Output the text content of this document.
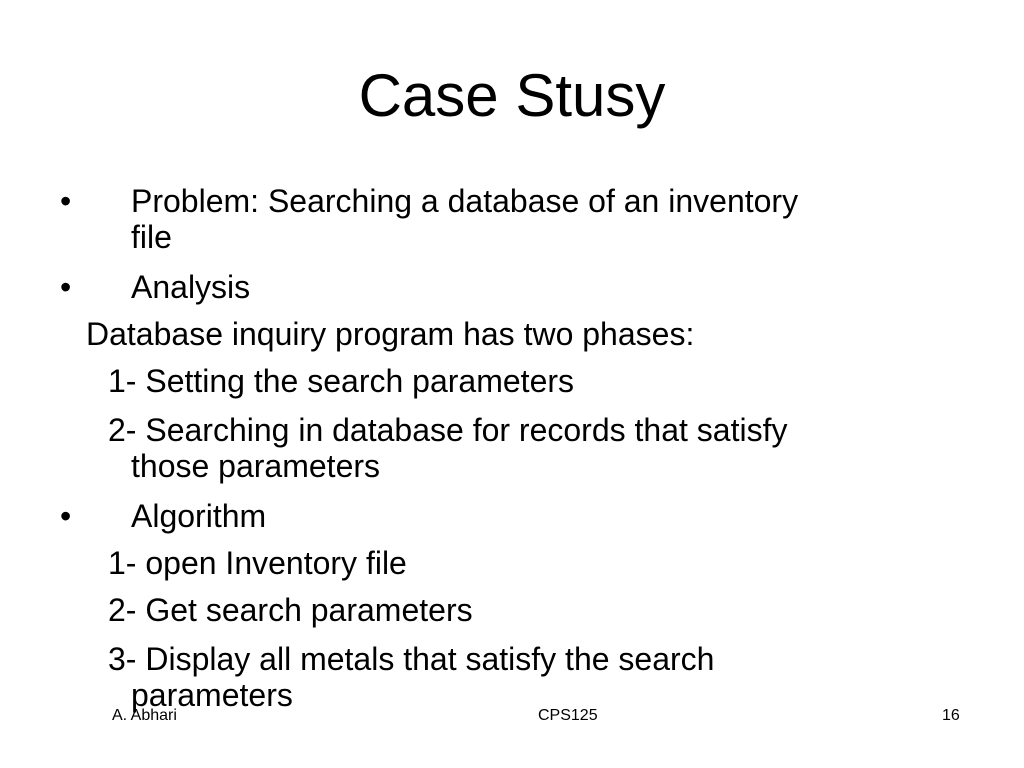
Case Stusy
• Problem: Searching a database of an inventory
file
• Analysis
Database inquiry program has two phases:
1- Setting the search parameters
2- Searching in database for records that satisfy
those parameters
• Algorithm
1- open Inventory file
2- Get search parameters
3- Display all metals that satisfy the search
parameters
A. Abhari	CPS125	16
